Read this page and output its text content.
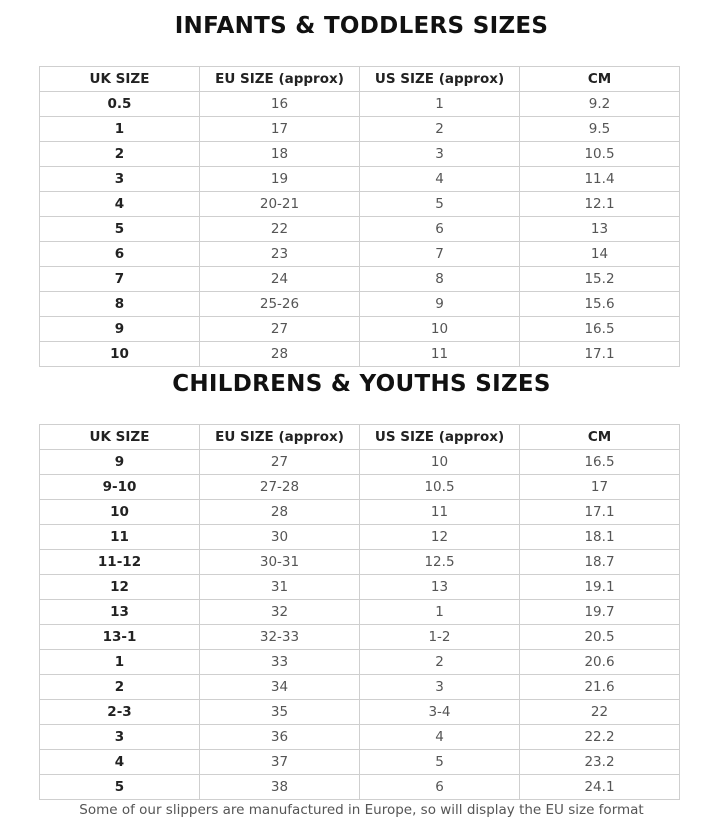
INFANTS & TODDLERS SIZES
UK SIZE	EU SIZE (approx)	US SIZE (approx)	CM
0.5	16	1	9.2
1	17	2	9.5
2	18	3	10.5
3	19	4	11.4
4	20-21	5	12.1
5	22	6	13
6	23	7	14
7	24	8	15.2
8	25-26	9	15.6
9	27	10	16.5
10	28	11	17.1
CHILDRENS & YOUTHS SIZES
UK SIZE	EU SIZE (approx)	US SIZE (approx)	CM
9	27	10	16.5
9-10	27-28	10.5	17
10	28	11	17.1
11	30	12	18.1
11-12	30-31	12.5	18.7
12	31	13	19.1
13	32	1	19.7
13-1	32-33	1-2	20.5
1	33	2	20.6
2	34	3	21.6
2-3	35	3-4	22
3	36	4	22.2
4	37	5	23.2
5	38	6	24.1
Some of our slippers are manufactured in Europe, so will display the EU size format
